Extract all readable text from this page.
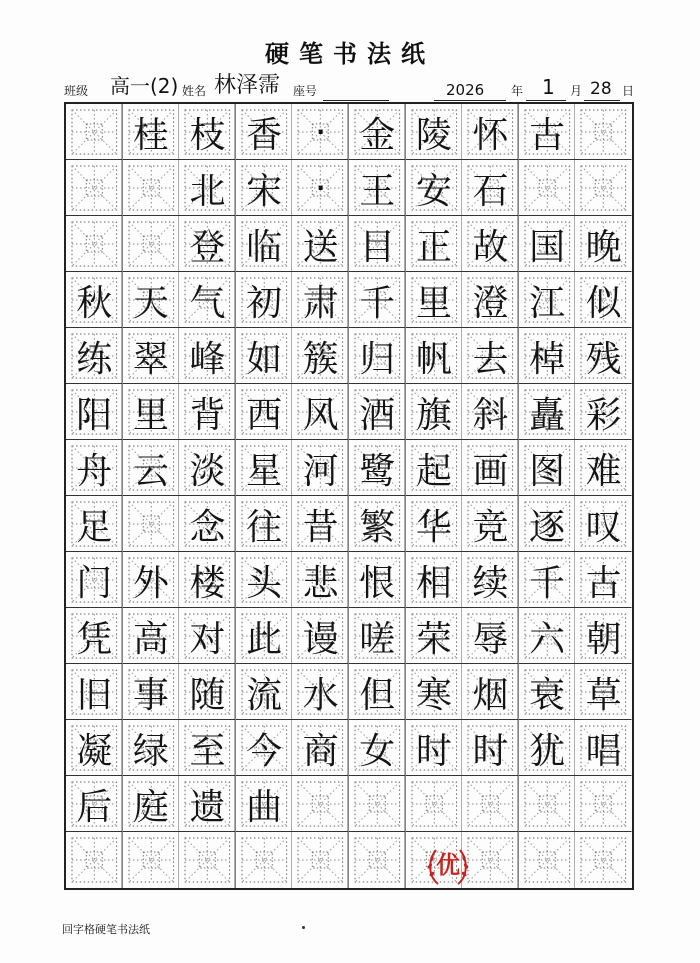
硬笔书法纸
班级 高一(2) 姓名 林泽霈 座号	2026 年 1 月 28 日
桂 枝 香 · 金 陵 怀 古
北 宋 · 王 安 石
登 临 送 目 正 故 国 晚
秋 天 气 初 肃 千 里 澄 江 似
练 翠 峰 如 簇 归 帆 去 棹 残
阳 里 背 西 风 酒 旗 斜 矗 彩
舟 云 淡 星 河 鹭 起 画 图 难
足 念 往 昔 繁 华 竞 逐 叹
门 外 楼 头 悲 恨 相 续 千 古
凭 高 对 此 谩 嗟 荣 辱 六 朝
旧 事 随 流 水 但 寒 烟 衰 草
凝 绿 至 今 商 女 时 时 犹 唱
后 庭 遗 曲
优
回字格硬笔书法纸
